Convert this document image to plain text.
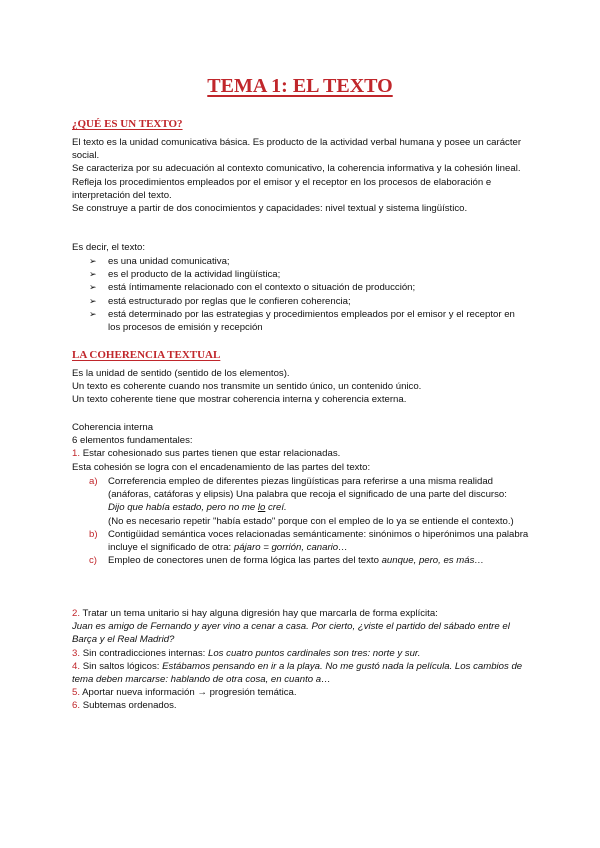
TEMA 1: EL TEXTO
¿QUÉ ES UN TEXTO?

El texto es la unidad comunicativa básica. Es producto de la actividad verbal humana y posee un carácter social.

Se caracteriza por su adecuación al contexto comunicativo, la coherencia informativa y la cohesión lineal.

Refleja los procedimientos empleados por el emisor y el receptor en los procesos de elaboración e interpretación del texto.

Se construye a partir de dos conocimientos y capacidades: nivel textual y sistema lingüístico.

Es decir, el texto:
➢ es una unidad comunicativa;
➢ es el producto de la actividad lingüística;
➢ está íntimamente relacionado con el contexto o situación de producción;
➢ está estructurado por reglas que le confieren coherencia;
➢ está determinado por las estrategias y procedimientos empleados por el emisor y el receptor en los procesos de emisión y recepción
LA COHERENCIA TEXTUAL

Es la unidad de sentido (sentido de los elementos).

Un texto es coherente cuando nos transmite un sentido único, un contenido único.

Un texto coherente tiene que mostrar coherencia interna y coherencia externa.

Coherencia interna

6 elementos fundamentales:

1. Estar cohesionado sus partes tienen que estar relacionadas.

Esta cohesión se logra con el encadenamiento de las partes del texto:

a) Correferencia empleo de diferentes piezas lingüísticas para referirse a una misma realidad (anáforas, catáforas y elipsis) Una palabra que recoja el significado de una parte del discurso:
Dijo que había estado, pero no me lo creí.
(No es necesario repetir "había estado" porque con el empleo de lo ya se entiende el contexto.)
b) Contigüidad semántica voces relacionadas semánticamente: sinónimos o hiperónimos una palabra incluye el significado de otra: pájaro = gorrión, canario…
c) Empleo de conectores unen de forma lógica las partes del texto aunque, pero, es más…

2. Tratar un tema unitario si hay alguna digresión hay que marcarla de forma explícita:

Juan es amigo de Fernando y ayer vino a cenar a casa. Por cierto, ¿viste el partido del sábado entre el Barça y el Real Madrid?

3. Sin contradicciones internas: Los cuatro puntos cardinales son tres: norte y sur.

4. Sin saltos lógicos: Estábamos pensando en ir a la playa. No me gustó nada la película. Los cambios de tema deben marcarse: hablando de otra cosa, en cuanto a…

5. Aportar nueva información → progresión temática.

6. Subtemas ordenados.
